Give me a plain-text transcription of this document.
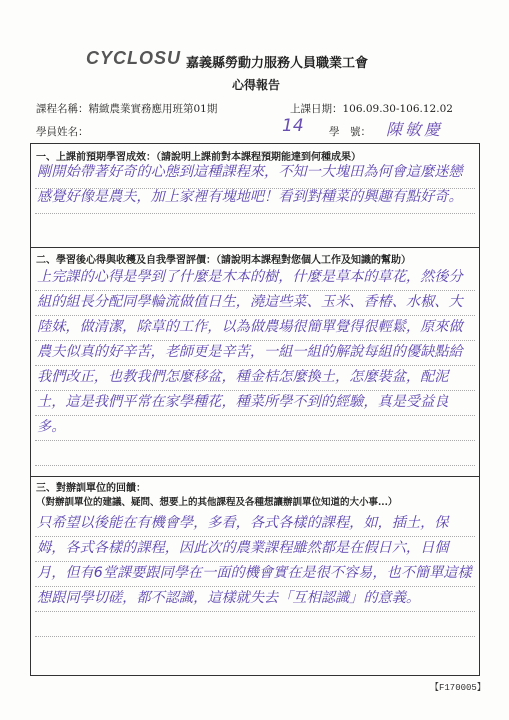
CYCLOSU 嘉義縣勞動力服務人員職業工會
心得報告
課程名稱：精緻農業實務應用班第01期	上課日期：106.09.30-106.12.02
學員姓名：	學　號：
14	陳敏慶
一、上課前預期學習成效：（請說明上課前對本課程預期能達到何種成果）
剛開始帶著好奇的心態到這種課程來，不知一大塊田為何會這麼迷戀感覺好像是農夫，加上家裡有塊地吧！看到對種菜的興趣有點好奇。
二、學習後心得與收穫及自我學習評價：（請說明本課程對您個人工作及知識的幫助）
上完課的心得是學到了什麼是木本的樹，什麼是草本的草花，然後分組的組長分配同學輪流做值日生，澆這些菜、玉米、香椿、水椒、大陸妹，做清潔，除草的工作，以為做農場很簡單覺得很輕鬆，原來做農夫似真的好辛苦，老師更是辛苦，一組一組的解說每組的優缺點給我們改正，也教我們怎麼移盆，種金桔怎麼換土，怎麼裝盆，配泥土，這是我們平常在家學種花，種菜所學不到的經驗，真是受益良多。
三、對辦訓單位的回饋：
（對辦訓單位的建議、疑問、想要上的其他課程及各種想讓辦訓單位知道的大小事...）
只希望以後能在有機會學，多看，各式各樣的課程，如，插土，保姆，各式各樣的課程，因此次的農業課程雖然都是在假日六，日個月，但有6堂課要跟同學在一面的機會實在是很不容易，也不簡單這樣想跟同學切磋，都不認識，這樣就失去「互相認識」的意義。
【F170005】
